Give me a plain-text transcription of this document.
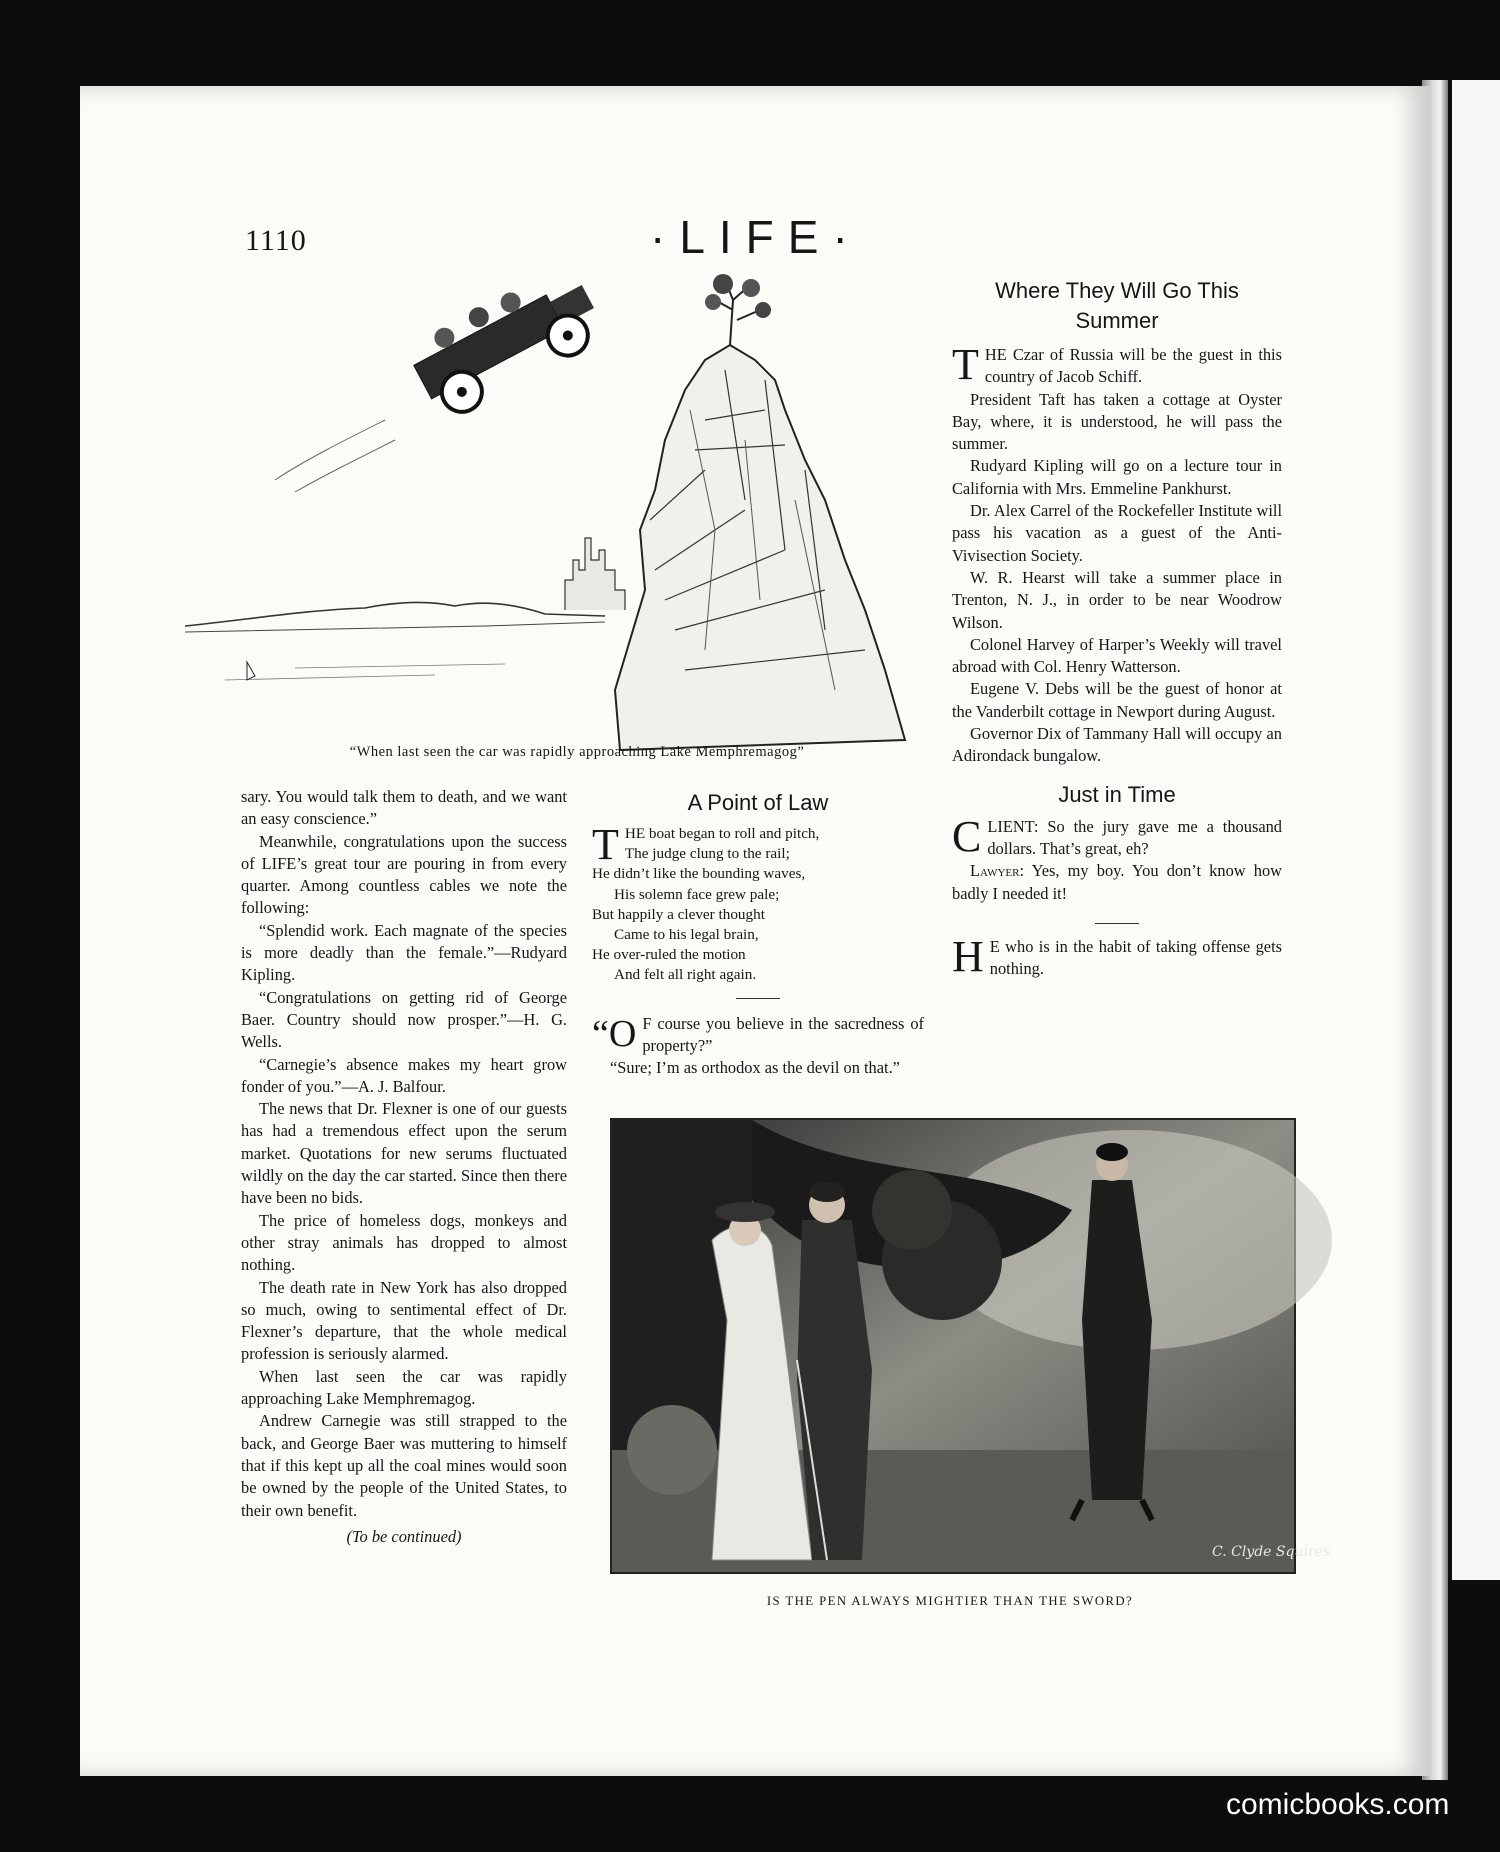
1110	·LIFE·
“When last seen the car was rapidly approaching Lake Memphremagog”

sary. You would talk them to death, and we want an easy conscience.”

Meanwhile, congratulations upon the success of LIFE’s great tour are pouring in from every quarter. Among countless cables we note the following:

“Splendid work. Each magnate of the species is more deadly than the female.”—Rudyard Kipling.

“Congratulations on getting rid of George Baer. Country should now prosper.”—H. G. Wells.

“Carnegie’s absence makes my heart grow fonder of you.”—A. J. Balfour.

The news that Dr. Flexner is one of our guests has had a tremendous effect upon the serum market. Quotations for new serums fluctuated wildly on the day the car started. Since then there have been no bids.

The price of homeless dogs, monkeys and other stray animals has dropped to almost nothing.

The death rate in New York has also dropped so much, owing to sentimental effect of Dr. Flexner’s departure, that the whole medical profession is seriously alarmed.

When last seen the car was rapidly approaching Lake Memphremagog.

Andrew Carnegie was still strapped to the back, and George Baer was muttering to himself that if this kept up all the coal mines would soon be owned by the people of the United States, to their own benefit.

(To be continued)
A Point of Law
T HE boat began to roll and pitch,
The judge clung to the rail;
He didn’t like the bounding waves,
His solemn face grew pale;
But happily a clever thought
Came to his legal brain,
He over-ruled the motion
And felt all right again.
“O F course you believe in the sacredness of property?”

“Sure; I’m as orthodox as the devil on that.”

Where They Will Go This
Summer
T HE Czar of Russia will be the guest in this country of Jacob Schiff.

President Taft has taken a cottage at Oyster Bay, where, it is understood, he will pass the summer.

Rudyard Kipling will go on a lecture tour in California with Mrs. Emmeline Pankhurst.

Dr. Alex Carrel of the Rockefeller Institute will pass his vacation as a guest of the Anti-Vivisection Society.

W. R. Hearst will take a summer place in Trenton, N. J., in order to be near Woodrow Wilson.

Colonel Harvey of Harper’s Weekly will travel abroad with Col. Henry Watterson.

Eugene V. Debs will be the guest of honor at the Vanderbilt cottage in Newport during August.

Governor Dix of Tammany Hall will occupy an Adirondack bungalow.

Just in Time
C LIENT: So the jury gave me a thousand dollars. That’s great, eh?

Lawyer: Yes, my boy. You don’t know how badly I needed it!

H E who is in the habit of taking offense gets nothing.

C. Clyde Squires
IS THE PEN ALWAYS MIGHTIER THAN THE SWORD?
comicbooks.com
